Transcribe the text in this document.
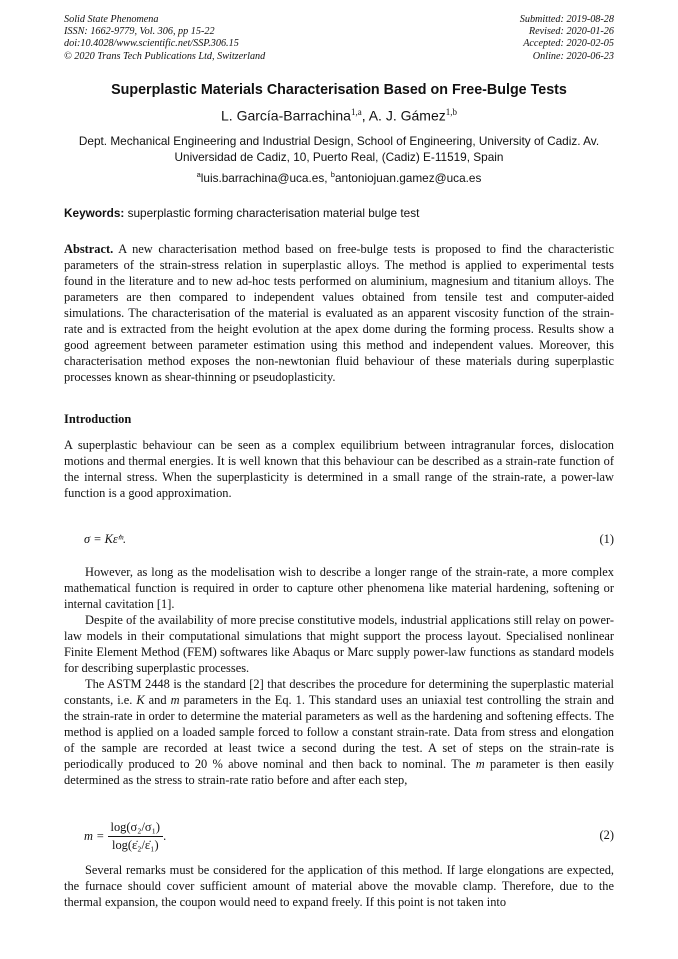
Solid State Phenomena
ISSN: 1662-9779, Vol. 306, pp 15-22
doi:10.4028/www.scientific.net/SSP.306.15
© 2020 Trans Tech Publications Ltd, Switzerland
Submitted: 2019-08-28
Revised: 2020-01-26
Accepted: 2020-02-05
Online: 2020-06-23
Superplastic Materials Characterisation Based on Free-Bulge Tests
L. García-Barrachina$^{1,a}$, A. J. Gámez$^{1,b}$
Dept. Mechanical Engineering and Industrial Design, School of Engineering, University of Cadiz. Av. Universidad de Cadiz, 10, Puerto Real, (Cadiz) E-11519, Spain
$^a$luis.barrachina@uca.es, $^b$antoniojuan.gamez@uca.es
Keywords: superplastic forming characterisation material bulge test
Abstract. A new characterisation method based on free-bulge tests is proposed to find the characteristic parameters of the strain-stress relation in superplastic alloys. The method is applied to experimental tests found in the literature and to new ad-hoc tests performed on aluminium, magnesium and titanium alloys. The parameters are then compared to independent values obtained from tensile test and computer-aided simulations. The characterisation of the material is evaluated as an apparent viscosity function of the strain-rate and is extracted from the height evolution at the apex dome during the forming process. Results show a good agreement between parameter estimation using this method and independent values. Moreover, this characterisation method exposes the non-newtonian fluid behaviour of these materials during superplastic processes known as shear-thinning or pseudoplasticity.
Introduction
A superplastic behaviour can be seen as a complex equilibrium between intragranular forces, dislocation motions and thermal energies. It is well known that this behaviour can be described as a strain-rate function of the internal stress. When the superplasticity is determined in a small range of the strain-rate, a power-law function is a good approximation.
σ = Kε̇ᵐ.	(1)
However, as long as the modelisation wish to describe a longer range of the strain-rate, a more complex mathematical function is required in order to capture other phenomena like material hardening, softening or internal cavitation [1].
Despite of the availability of more precise constitutive models, industrial applications still relay on power-law models in their computational simulations that might support the process layout. Specialised nonlinear Finite Element Method (FEM) softwares like Abaqus or Marc supply power-law functions as standard models for describing superplastic processes.
The ASTM 2448 is the standard [2] that describes the procedure for determining the superplastic material constants, i.e. K and m parameters in the Eq. 1. This standard uses an uniaxial test controlling the strain and the strain-rate in order to determine the material parameters as well as the hardening and softening effects. The method is applied on a loaded sample forced to follow a constant strain-rate. Data from stress and elongation of the sample are recorded at least twice a second during the test. A set of steps on the strain-rate is periodically produced to 20 % above nominal and then back to nominal. The m parameter is then easily determined as the stress to strain-rate ratio before and after each step,
m =
$\frac{\text{log(σ₂/σ₁)}}{\text{log(ε̇₂/ε̇₁)}}$ .	(2)
Several remarks must be considered for the application of this method. If large elongations are expected, the furnace should cover sufficient amount of material above the movable clamp. Therefore, due to the thermal expansion, the coupon would need to expand freely. If this point is not taken into
